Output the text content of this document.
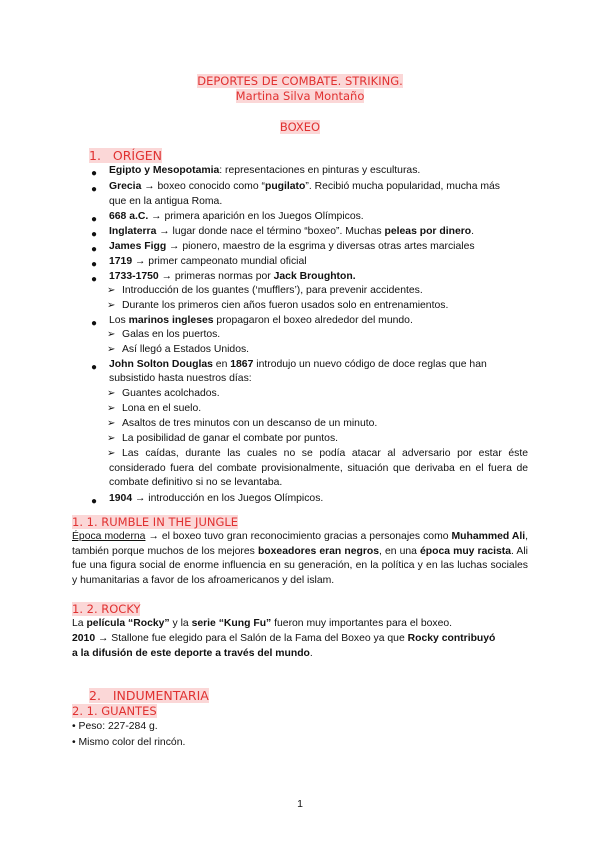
DEPORTES DE COMBATE. STRIKING.
Martina Silva Montaño
BOXEO
1. ORÍGEN
● Egipto y Mesopotamia: representaciones en pinturas y esculturas.
● Grecia → boxeo conocido como “pugilato”. Recibió mucha popularidad, mucha más
que en la antigua Roma.
● 668 a.C. → primera aparición en los Juegos Olímpicos.
● Inglaterra → lugar donde nace el término “boxeo”. Muchas peleas por dinero.
● James Figg → pionero, maestro de la esgrima y diversas otras artes marciales
● 1719 → primer campeonato mundial oficial
● 1733-1750 → primeras normas por Jack Broughton.
➢ Introducción de los guantes (‘mufflers’), para prevenir accidentes.
➢ Durante los primeros cien años fueron usados solo en entrenamientos.
● Los marinos ingleses propagaron el boxeo alrededor del mundo.
➢ Galas en los puertos.
➢ Así llegó a Estados Unidos.
● John Solton Douglas en 1867 introdujo un nuevo código de doce reglas que han
subsistido hasta nuestros días:
➢ Guantes acolchados.
➢ Lona en el suelo.
➢ Asaltos de tres minutos con un descanso de un minuto.
➢ La posibilidad de ganar el combate por puntos.
➢ Las caídas, durante las cuales no se podía atacar al adversario por estar éste considerado fuera del combate provisionalmente, situación que derivaba en el fuera de combate definitivo si no se levantaba.
● 1904 → introducción en los Juegos Olímpicos.
1. 1. RUMBLE IN THE JUNGLE
Época moderna → el boxeo tuvo gran reconocimiento gracias a personajes como Muhammed Ali, también porque muchos de los mejores boxeadores eran negros, en una época muy racista. Ali fue una figura social de enorme influencia en su generación, en la política y en las luchas sociales y humanitarias a favor de los afroamericanos y del islam.
1. 2. ROCKY
La película “Rocky” y la serie “Kung Fu” fueron muy importantes para el boxeo.
2010 → Stallone fue elegido para el Salón de la Fama del Boxeo ya que Rocky contribuyó
a la difusión de este deporte a través del mundo.
2. INDUMENTARIA
2. 1. GUANTES
• Peso: 227-284 g.
• Mismo color del rincón.
1
